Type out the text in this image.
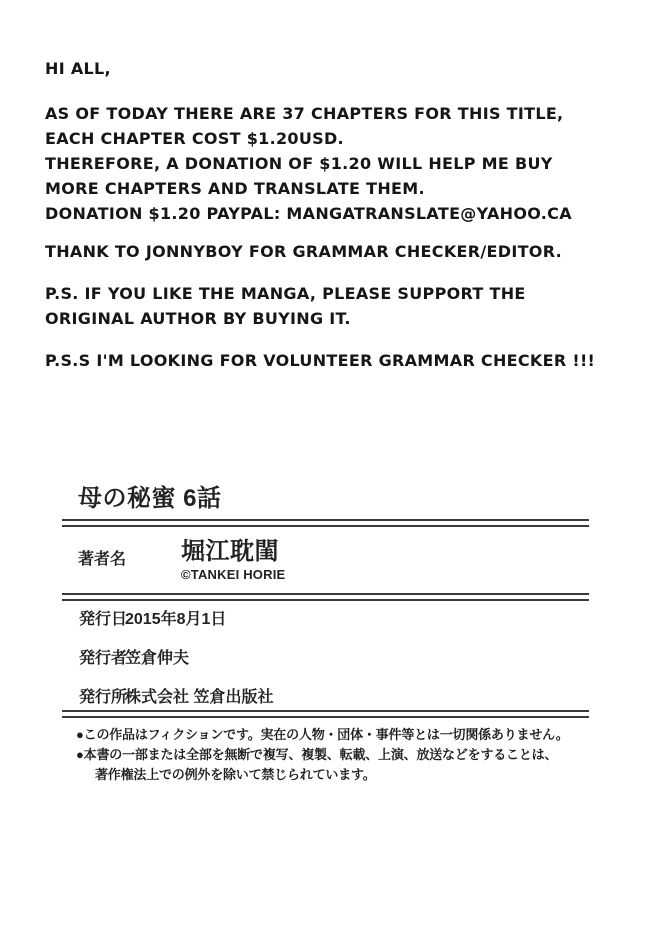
HI ALL,

AS OF TODAY THERE ARE 37 CHAPTERS FOR THIS TITLE,
EACH CHAPTER COST $1.20USD.
THEREFORE, A DONATION OF $1.20 WILL HELP ME BUY
MORE CHAPTERS AND TRANSLATE THEM.
DONATION $1.20 PAYPAL: MANGATRANSLATE@YAHOO.CA

THANK TO JONNYBOY FOR GRAMMAR CHECKER/EDITOR.

P.S. IF YOU LIKE THE MANGA, PLEASE SUPPORT THE
ORIGINAL AUTHOR BY BUYING IT.

P.S.S I'M LOOKING FOR VOLUNTEER GRAMMAR CHECKER !!!

母の秘蜜 6話
著者名	堀江耽閨
©TANKEI HORIE
発行日
2015年8月1日
発行者
笠倉伸夫
発行所
株式会社 笠倉出版社
●この作品はフィクションです。実在の人物・団体・事件等とは一切関係ありません。
●本書の一部または全部を無断で複写、複製、転載、上演、放送などをすることは、
著作権法上での例外を除いて禁じられています。
